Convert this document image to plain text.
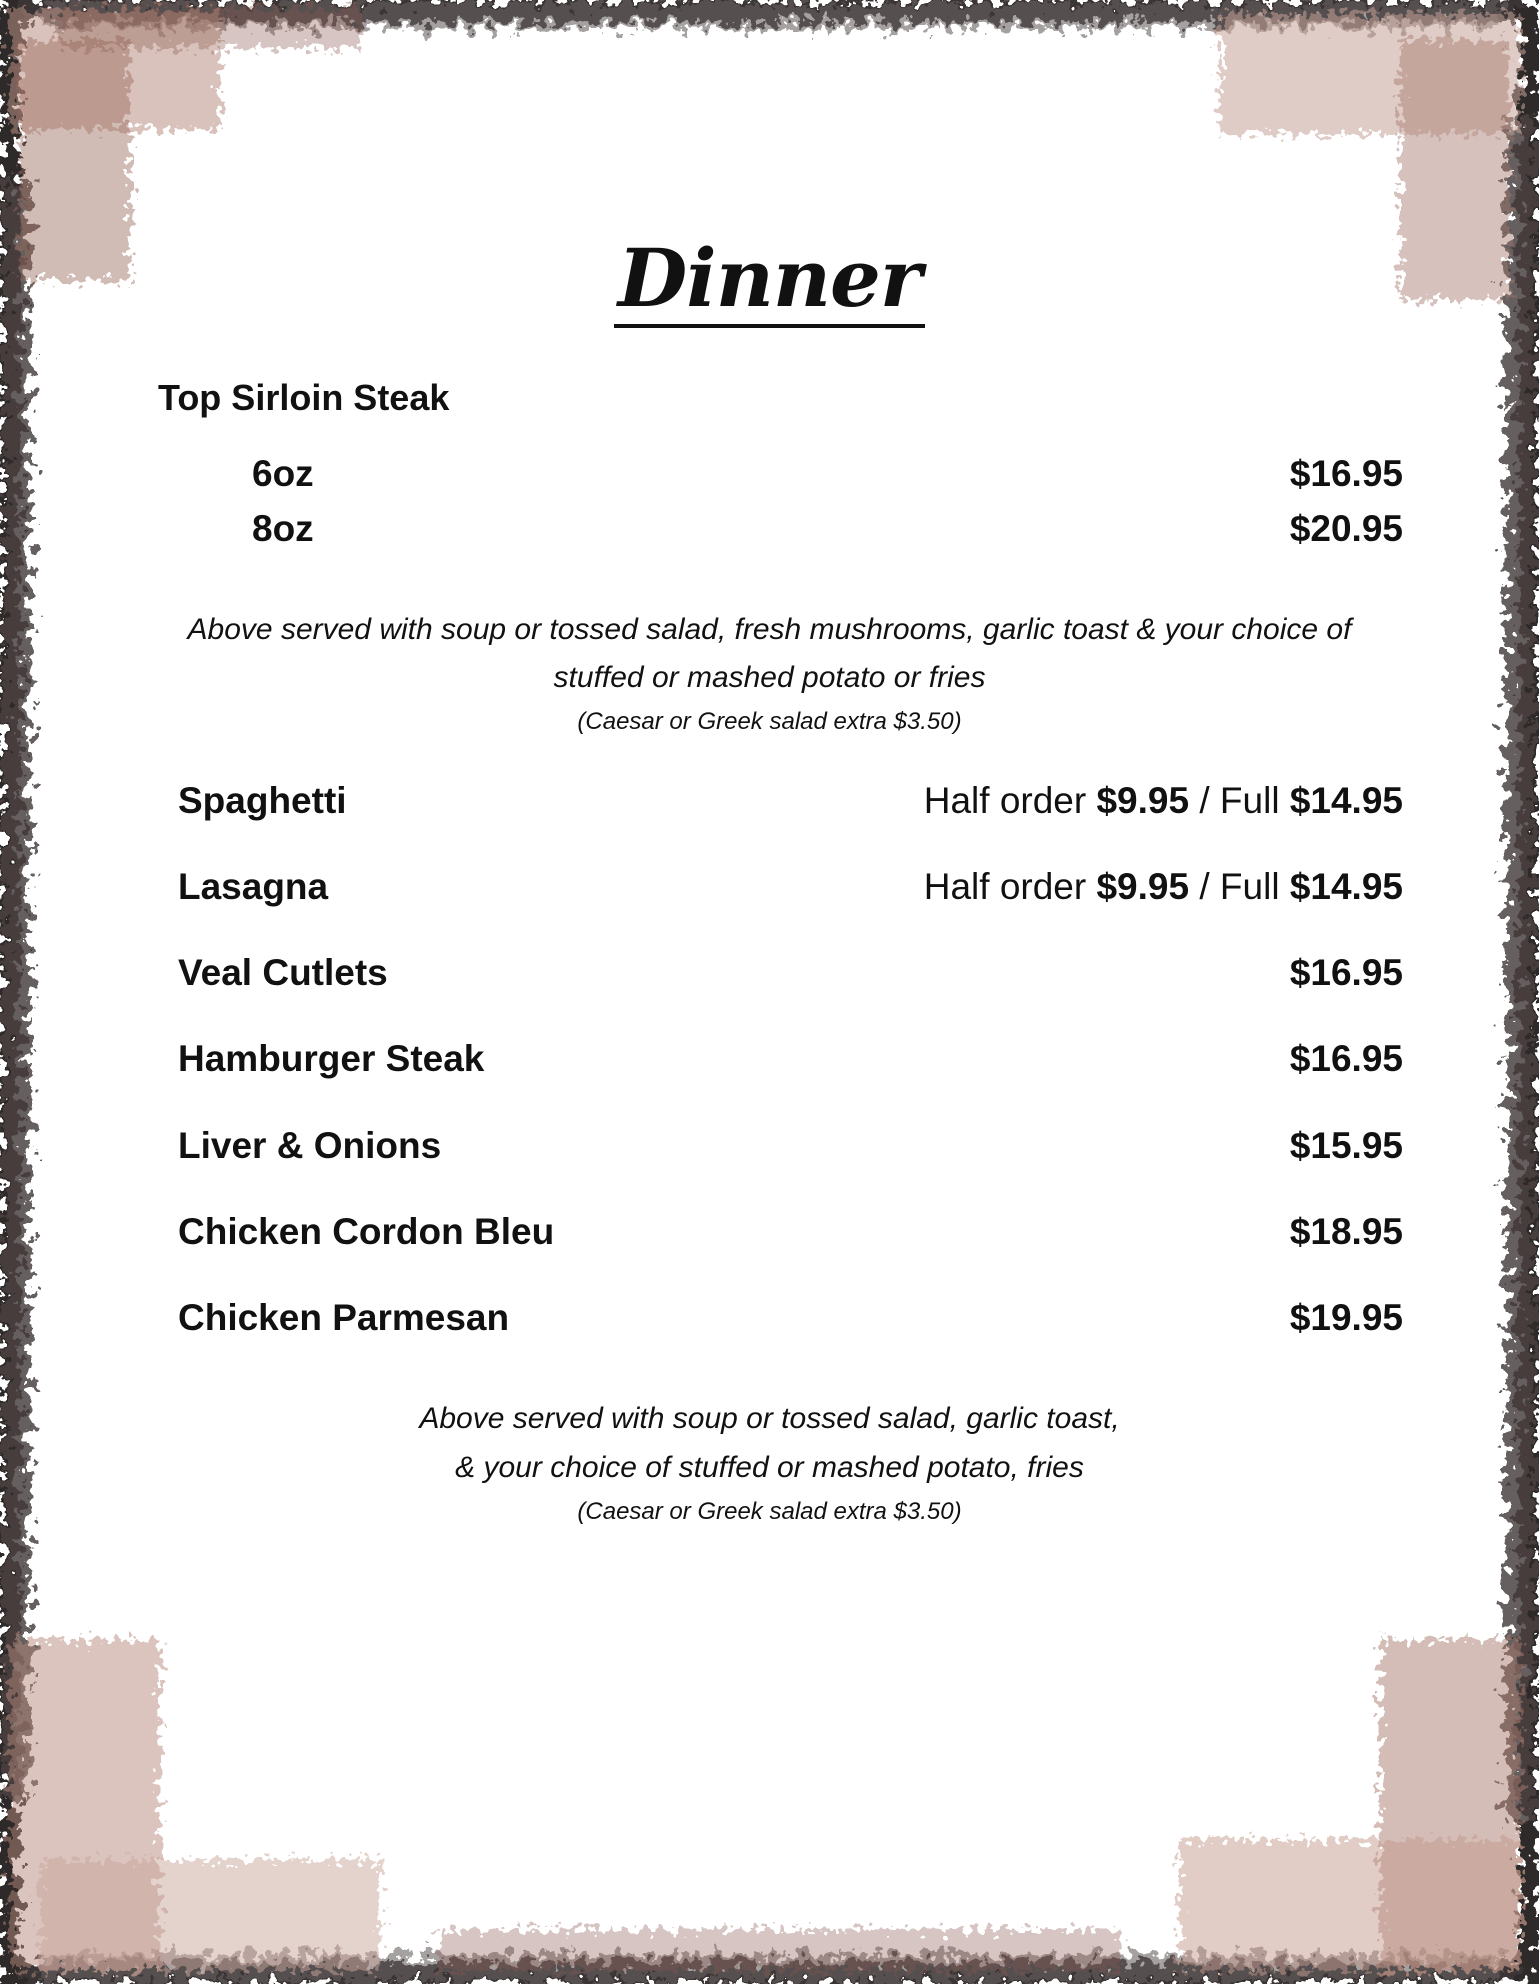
Dinner
Top Sirloin Steak
6oz	$16.95
8oz	$20.95
Above served with soup or tossed salad, fresh mushrooms, garlic toast & your choice of
stuffed or mashed potato or fries
(Caesar or Greek salad extra $3.50)
Spaghetti	Half order $9.95 / Full $14.95
Lasagna	Half order $9.95 / Full $14.95
Veal Cutlets	$16.95
Hamburger Steak	$16.95
Liver & Onions	$15.95
Chicken Cordon Bleu	$18.95
Chicken Parmesan	$19.95
Above served with soup or tossed salad, garlic toast,
& your choice of stuffed or mashed potato, fries
(Caesar or Greek salad extra $3.50)
